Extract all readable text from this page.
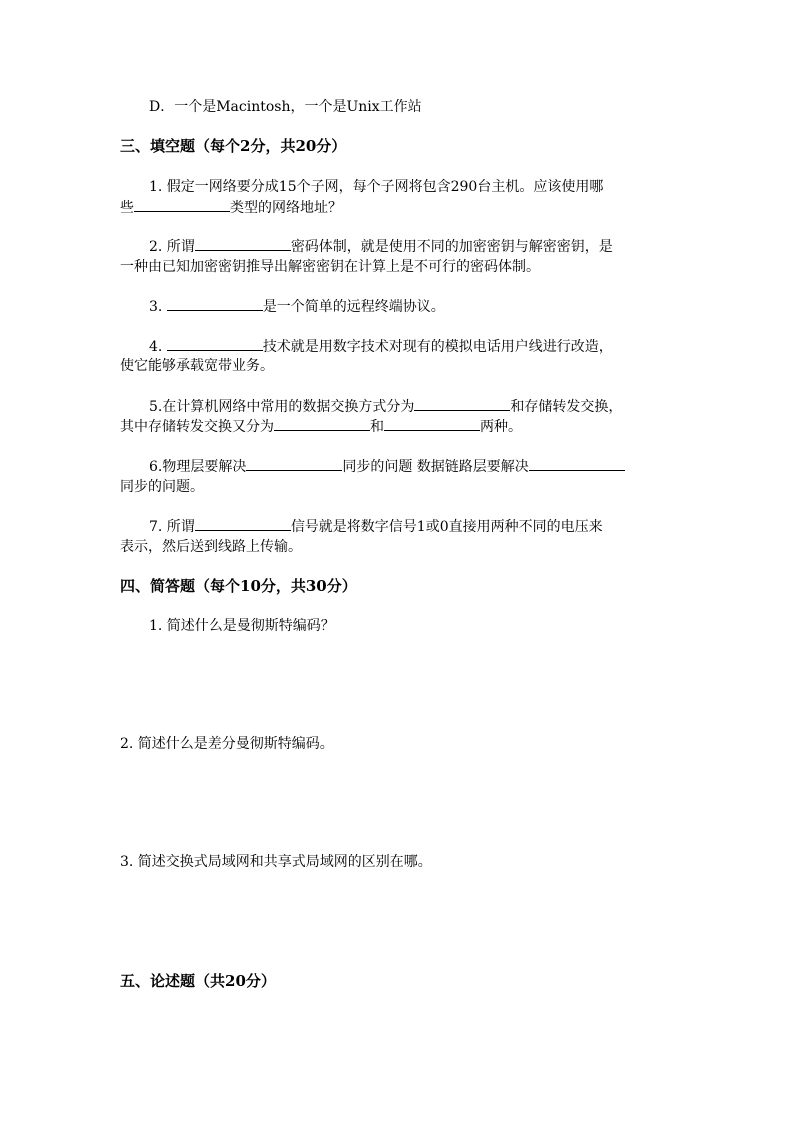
D．一个是Macintosh，一个是Unix工作站
三、填空题（每个2分，共20分）
1. 假定一网络要分成15个子网，每个子网将包含290台主机。应该使用哪
些	类型的网络地址？
2. 所谓	密码体制，就是使用不同的加密密钥与解密密钥，是
一种由已知加密密钥推导出解密密钥在计算上是不可行的密码体制。
3.	是一个简单的远程终端协议。
4.	技术就是用数字技术对现有的模拟电话用户线进行改造，
使它能够承载宽带业务。
5.在计算机网络中常用的数据交换方式分为	和存储转发交换，
其中存储转发交换又分为	和	两种。
6.物理层要解决	同步的问题 数据链路层要解决
同步的问题。
7. 所谓	信号就是将数字信号1或0直接用两种不同的电压来
表示，然后送到线路上传输。
四、简答题（每个10分，共30分）
1. 简述什么是曼彻斯特编码？
2. 简述什么是差分曼彻斯特编码。
3. 简述交换式局域网和共享式局域网的区别在哪。
五、论述题（共20分）
